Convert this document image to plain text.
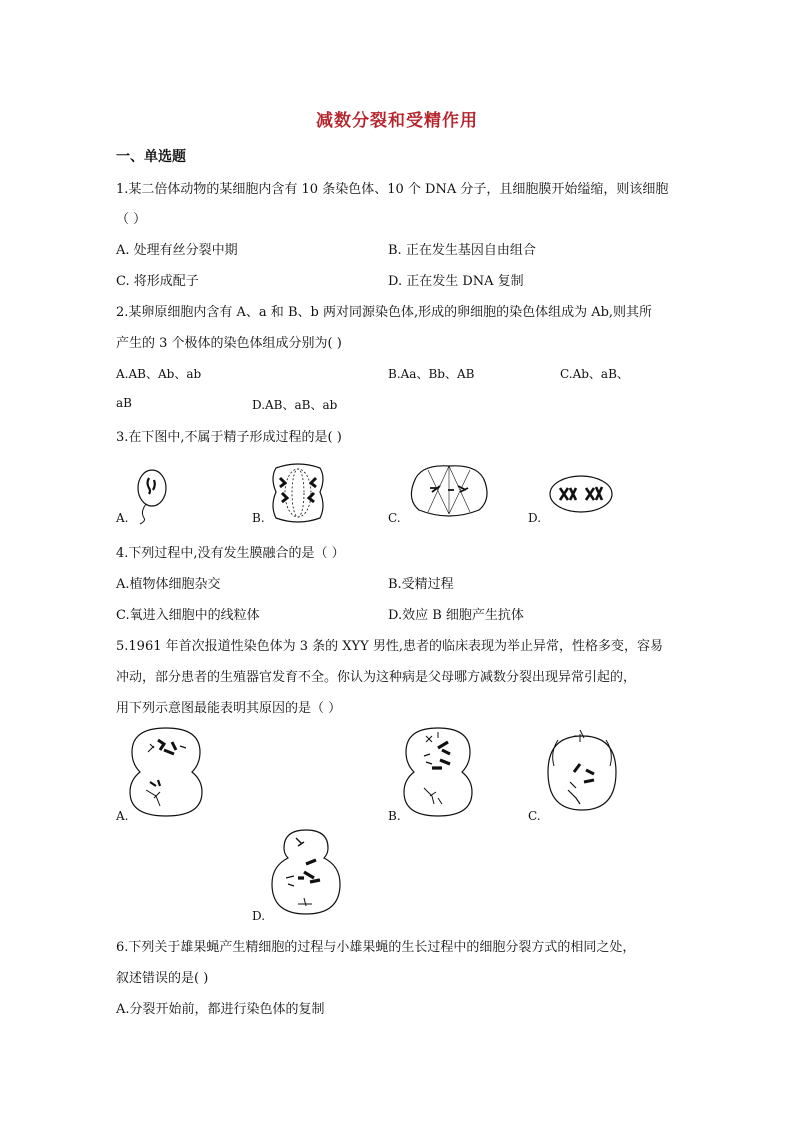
减数分裂和受精作用
一、单选题
1.某二倍体动物的某细胞内含有 10 条染色体、10 个 DNA 分子，且细胞膜开始缢缩，则该细胞
（ ）
A. 处理有丝分裂中期	B. 正在发生基因自由组合
C. 将形成配子	D. 正在发生 DNA 复制
2.某卵原细胞内含有 A、a 和 B、b 两对同源染色体,形成的卵细胞的染色体组成为 Ab,则其所
产生的 3 个极体的染色体组成分别为( )
A.AB、Ab、ab	B.Aa、Bb、AB	C.Ab、aB、
aB	D.AB、aB、ab
3.在下图中,不属于精子形成过程的是( )
A.	B.	C.	D.
4.下列过程中,没有发生膜融合的是（ ）
A.植物体细胞杂交	B.受精过程
C.氧进入细胞中的线粒体	D.效应 B 细胞产生抗体
5.1961 年首次报道性染色体为 3 条的 XYY 男性,患者的临床表现为举止异常，性格多变，容易
冲动，部分患者的生殖器官发育不全。你认为这种病是父母哪方减数分裂出现异常引起的，
用下列示意图最能表明其原因的是（ ）
A.	B.	C.
D.
6.下列关于雄果蝇产生精细胞的过程与小雄果蝇的生长过程中的细胞分裂方式的相同之处，
叙述错误的是( )
A.分裂开始前，都进行染色体的复制
